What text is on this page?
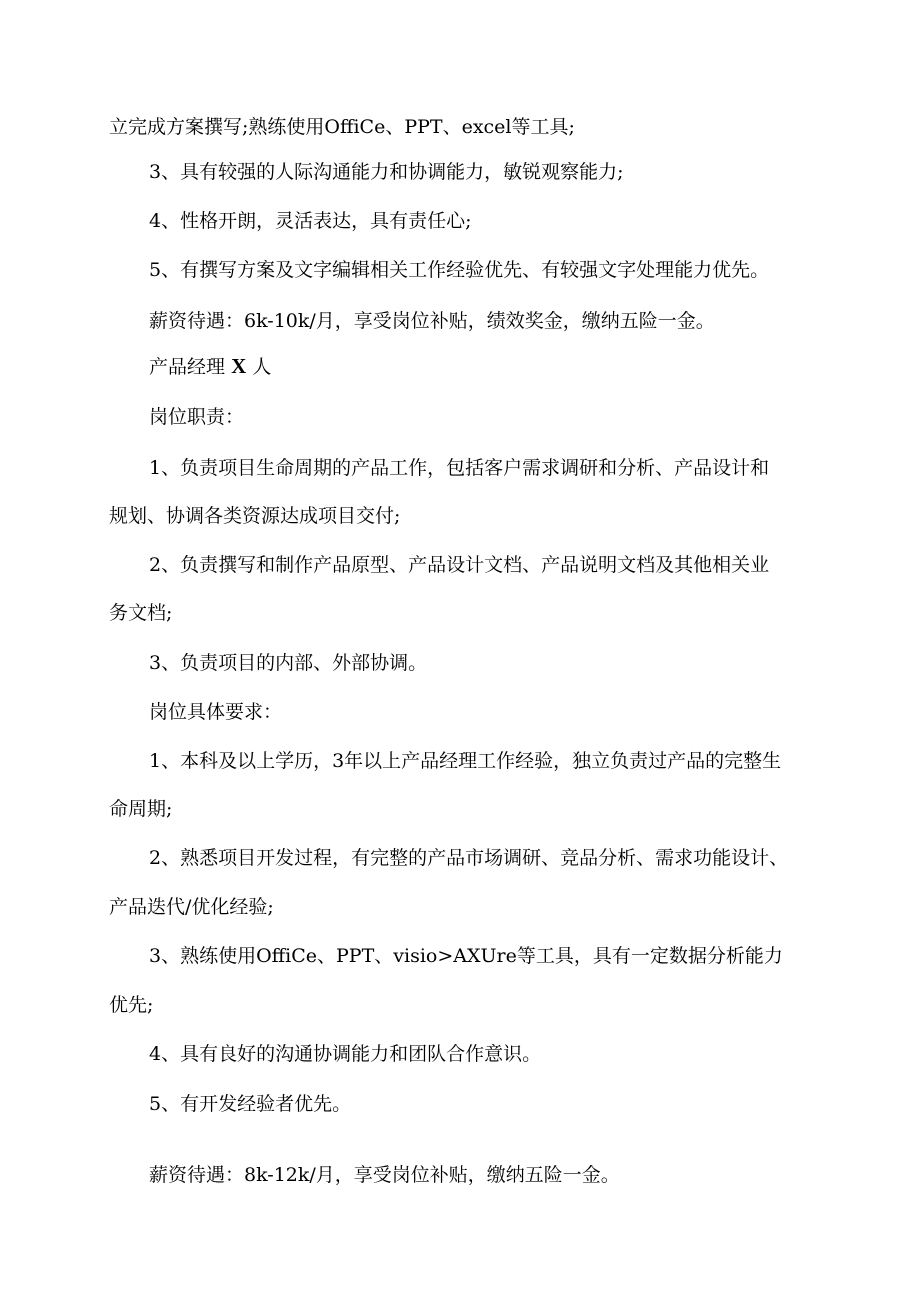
立完成方案撰写;熟练使用OffiCe、PPT、excel等工具;

3、具有较强的人际沟通能力和协调能力，敏锐观察能力;

4、性格开朗，灵活表达，具有责任心;

5、有撰写方案及文字编辑相关工作经验优先、有较强文字处理能力优先。

薪资待遇：6k-10k/月，享受岗位补贴，绩效奖金，缴纳五险一金。

产品经理 X 人

岗位职责：

1、负责项目生命周期的产品工作，包括客户需求调研和分析、产品设计和

规划、协调各类资源达成项目交付;

2、负责撰写和制作产品原型、产品设计文档、产品说明文档及其他相关业

务文档;

3、负责项目的内部、外部协调。

岗位具体要求：

1、本科及以上学历，3年以上产品经理工作经验，独立负责过产品的完整生

命周期;

2、熟悉项目开发过程，有完整的产品市场调研、竞品分析、需求功能设计、

产品迭代/优化经验;

3、熟练使用OffiCe、PPT、visio>AXUre等工具，具有一定数据分析能力

优先;

4、具有良好的沟通协调能力和团队合作意识。

5、有开发经验者优先。

薪资待遇：8k-12k/月，享受岗位补贴，缴纳五险一金。
